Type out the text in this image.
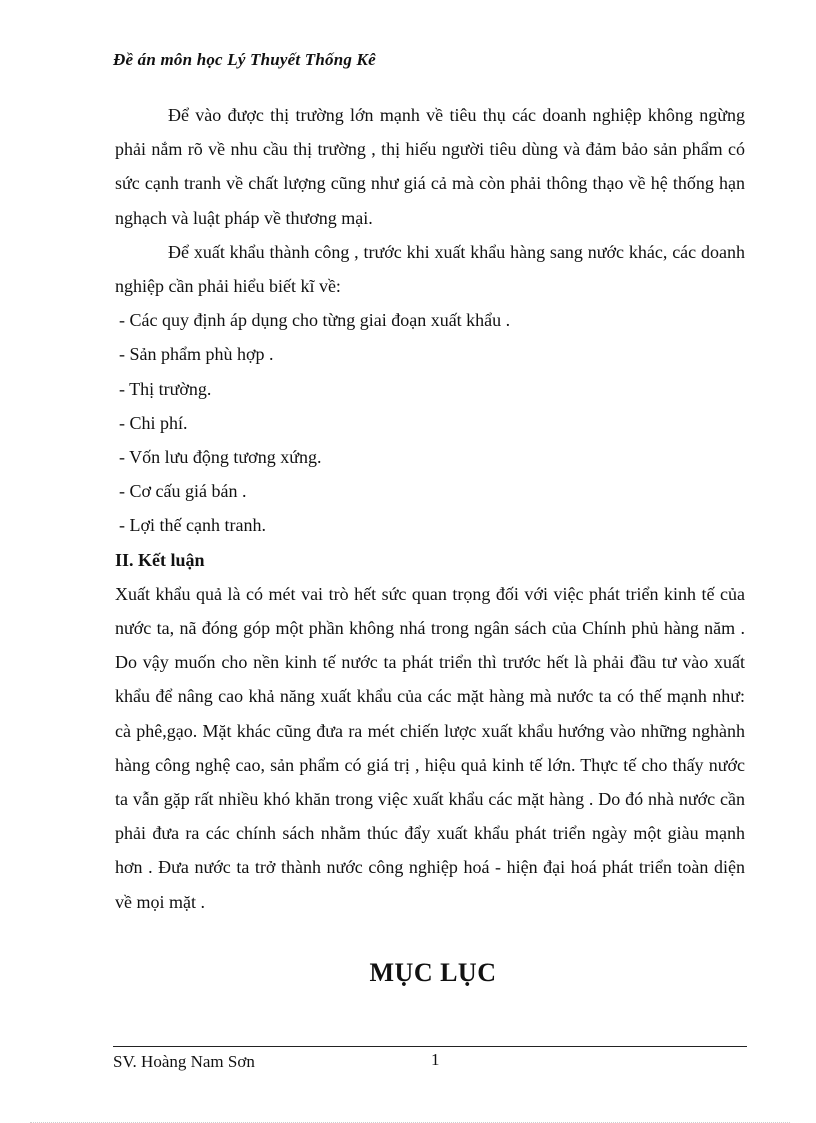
Đề án môn học Lý Thuyết Thống Kê

Để vào được thị trường lớn mạnh về tiêu thụ các doanh nghiệp không ngừng phải nắm rõ về nhu cầu thị trường , thị hiếu người tiêu dùng và đảm bảo sản phẩm có sức cạnh tranh về chất lượng cũng như giá cả mà còn phải thông thạo về hệ thống hạn nghạch và luật pháp về thương mại.

Để xuất khẩu thành công , trước khi xuất khẩu hàng sang nước khác, các doanh nghiệp cần phải hiểu biết kĩ về:

- Các quy định áp dụng cho từng giai đoạn xuất khẩu .

- Sản phẩm phù hợp .

- Thị trường.

- Chi phí.

- Vốn lưu động tương xứng.

- Cơ cấu giá bán .

- Lợi thế cạnh tranh.

II. Kết luận

Xuất khẩu quả là có mét vai trò hết sức quan trọng đối với việc phát triển kinh tế của nước ta, nã đóng góp một phần không nhá trong ngân sách của Chính phủ hàng năm . Do vậy muốn cho nền kinh tế nước ta phát triển thì trước hết là phải đầu tư vào xuất khẩu để nâng cao khả năng xuất khẩu của các mặt hàng mà nước ta có thế mạnh như: cà phê,gạo. Mặt khác cũng đưa ra mét chiến lược xuất khẩu hướng vào những nghành hàng công nghệ cao, sản phẩm có giá trị , hiệu quả kinh tế lớn. Thực tế cho thấy nước ta vẫn gặp rất nhiều khó khăn trong việc xuất khẩu các mặt hàng . Do đó nhà nước cần phải đưa ra các chính sách nhằm thúc đẩy xuất khẩu phát triển ngày một giàu mạnh hơn . Đưa nước ta trở thành nước công nghiệp hoá - hiện đại hoá phát triển toàn diện về mọi mặt .

MỤC LỤC
SV. Hoàng Nam Sơn	1
